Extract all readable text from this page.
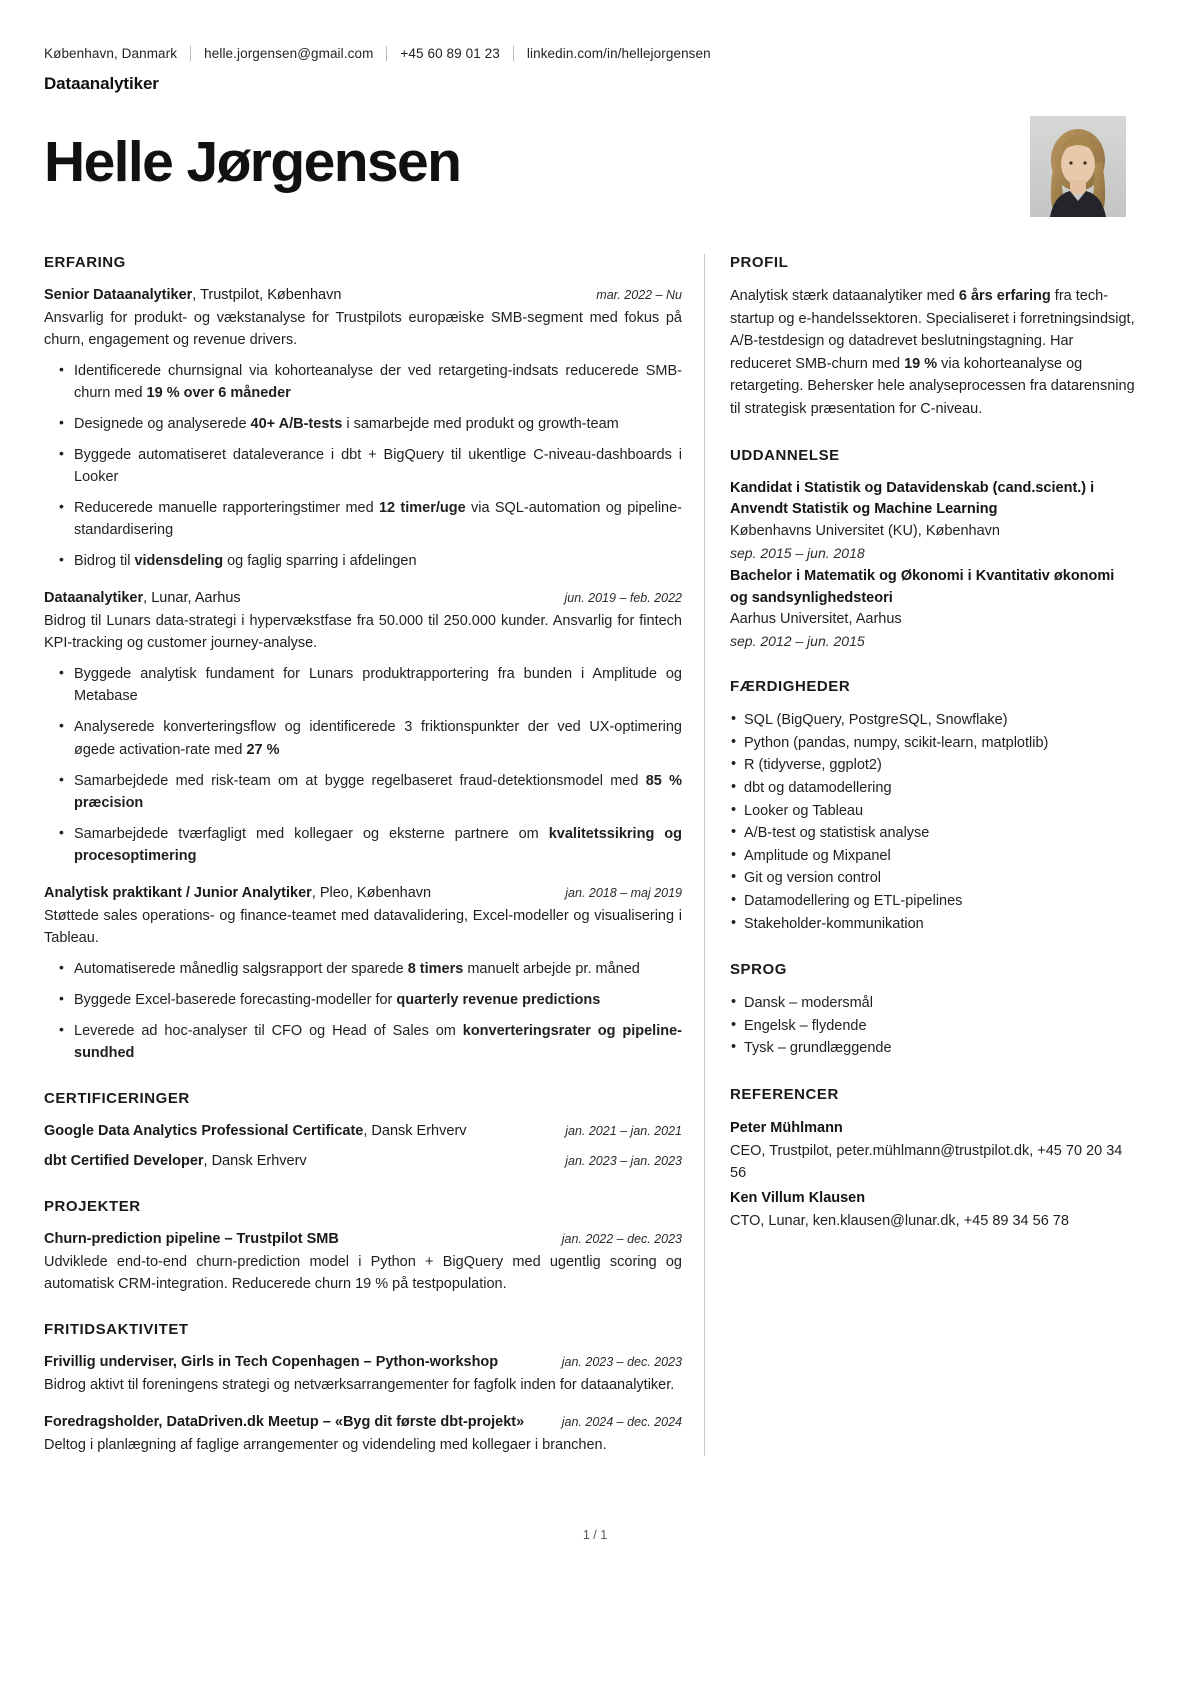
København, Danmark helle.jorgensen@gmail.com +45 60 89 01 23 linkedin.com/in/hellejorgensen
Dataanalytiker
Helle Jørgensen
ERFARING
Senior Dataanalytiker, Trustpilot, København	mar. 2022 – Nu
Ansvarlig for produkt- og vækstanalyse for Trustpilots europæiske SMB-segment med fokus på churn, engagement og revenue drivers.
• Identificerede churnsignal via kohorteanalyse der ved retargeting-indsats reducerede SMB-churn med 19 % over 6 måneder
• Designede og analyserede 40+ A/B-tests i samarbejde med produkt og growth-team
• Byggede automatiseret dataleverance i dbt + BigQuery til ukentlige C-niveau-dashboards i Looker
• Reducerede manuelle rapporteringstimer med 12 timer/uge via SQL-automation og pipeline-standardisering
• Bidrog til vidensdeling og faglig sparring i afdelingen
Dataanalytiker, Lunar, Aarhus	jun. 2019 – feb. 2022
Bidrog til Lunars data-strategi i hypervækstfase fra 50.000 til 250.000 kunder. Ansvarlig for fintech KPI-tracking og customer journey-analyse.
• Byggede analytisk fundament for Lunars produktrapportering fra bunden i Amplitude og Metabase
• Analyserede konverteringsflow og identificerede 3 friktionspunkter der ved UX-optimering øgede activation-rate med 27 %
• Samarbejdede med risk-team om at bygge regelbaseret fraud-detektionsmodel med 85 % præcision
• Samarbejdede tværfagligt med kollegaer og eksterne partnere om kvalitetssikring og procesoptimering
Analytisk praktikant / Junior Analytiker, Pleo, København	jan. 2018 – maj 2019
Støttede sales operations- og finance-teamet med datavalidering, Excel-modeller og visualisering i Tableau.
• Automatiserede månedlig salgsrapport der sparede 8 timers manuelt arbejde pr. måned
• Byggede Excel-baserede forecasting-modeller for quarterly revenue predictions
• Leverede ad hoc-analyser til CFO og Head of Sales om konverteringsrater og pipeline-sundhed
CERTIFICERINGER
Google Data Analytics Professional Certificate, Dansk Erhverv	jan. 2021 – jan. 2021
dbt Certified Developer, Dansk Erhverv	jan. 2023 – jan. 2023
PROJEKTER
Churn-prediction pipeline – Trustpilot SMB	jan. 2022 – dec. 2023
Udviklede end-to-end churn-prediction model i Python + BigQuery med ugentlig scoring og automatisk CRM-integration. Reducerede churn 19 % på testpopulation.
FRITIDSAKTIVITET
Frivillig underviser, Girls in Tech Copenhagen – Python-workshop	jan. 2023 – dec. 2023
Bidrog aktivt til foreningens strategi og netværksarrangementer for fagfolk inden for dataanalytiker.
Foredragsholder, DataDriven.dk Meetup – «Byg dit første dbt-projekt»	jan. 2024 – dec. 2024
Deltog i planlægning af faglige arrangementer og videndeling med kollegaer i branchen.
PROFIL
Analytisk stærk dataanalytiker med 6 års erfaring fra tech-startup og e-handelssektoren. Specialiseret i forretningsindsigt, A/B-testdesign og datadrevet beslutningstagning. Har reduceret SMB-churn med 19 % via kohorteanalyse og retargeting. Behersker hele analyseprocessen fra datarensning til strategisk præsentation for C-niveau.
UDDANNELSE
Kandidat i Statistik og Datavidenskab (cand.scient.) i Anvendt Statistik og Machine Learning
Københavns Universitet (KU), København
sep. 2015 – jun. 2018
Bachelor i Matematik og Økonomi i Kvantitativ økonomi og sandsynlighedsteori
Aarhus Universitet, Aarhus
sep. 2012 – jun. 2015
FÆRDIGHEDER
• SQL (BigQuery, PostgreSQL, Snowflake)
• Python (pandas, numpy, scikit-learn, matplotlib)
• R (tidyverse, ggplot2)
• dbt og datamodellering
• Looker og Tableau
• A/B-test og statistisk analyse
• Amplitude og Mixpanel
• Git og version control
• Datamodellering og ETL-pipelines
• Stakeholder-kommunikation
SPROG
• Dansk – modersmål
• Engelsk – flydende
• Tysk – grundlæggende
REFERENCER
Peter Mühlmann
CEO, Trustpilot, peter.mühlmann@trustpilot.dk, +45 70 20 34 56
Ken Villum Klausen
CTO, Lunar, ken.klausen@lunar.dk, +45 89 34 56 78
1 / 1
